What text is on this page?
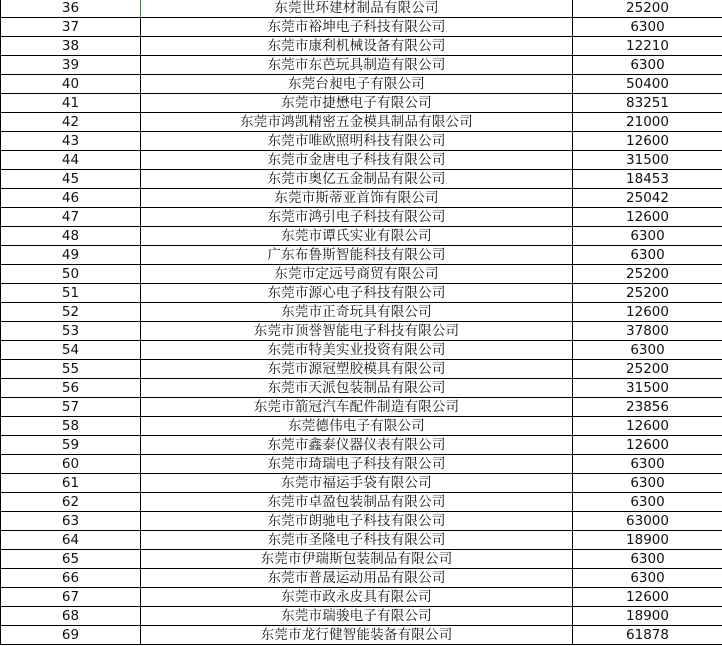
36	东莞世环建材制品有限公司	25200
37	东莞市裕坤电子科技有限公司	6300
38	东莞市康利机械设备有限公司	12210
39	东莞市东芭玩具制造有限公司	6300
40	东莞台昶电子有限公司	50400
41	东莞市捷懋电子有限公司	83251
42	东莞市鸿凯精密五金模具制品有限公司	21000
43	东莞市唯欧照明科技有限公司	12600
44	东莞市金唐电子科技有限公司	31500
45	东莞市奥亿五金制品有限公司	18453
46	东莞市斯蒂亚首饰有限公司	25042
47	东莞市鸿引电子科技有限公司	12600
48	东莞市谭氏实业有限公司	6300
49	广东布鲁斯智能科技有限公司	6300
50	东莞市定远号商贸有限公司	25200
51	东莞市源心电子科技有限公司	25200
52	东莞市正奇玩具有限公司	12600
53	东莞市顶誉智能电子科技有限公司	37800
54	东莞市特美实业投资有限公司	6300
55	东莞市源冠塑胶模具有限公司	25200
56	东莞市天派包装制品有限公司	31500
57	东莞市箭冠汽车配件制造有限公司	23856
58	东莞德伟电子有限公司	12600
59	东莞市鑫泰仪器仪表有限公司	12600
60	东莞市琦瑞电子科技有限公司	6300
61	东莞市福运手袋有限公司	6300
62	东莞市卓盈包装制品有限公司	6300
63	东莞市朗驰电子科技有限公司	63000
64	东莞市圣隆电子科技有限公司	18900
65	东莞市伊瑞斯包装制品有限公司	6300
66	东莞市普晟运动用品有限公司	6300
67	东莞市政永皮具有限公司	12600
68	东莞市瑞骏电子有限公司	18900
69	东莞市龙行健智能装备有限公司	61878
